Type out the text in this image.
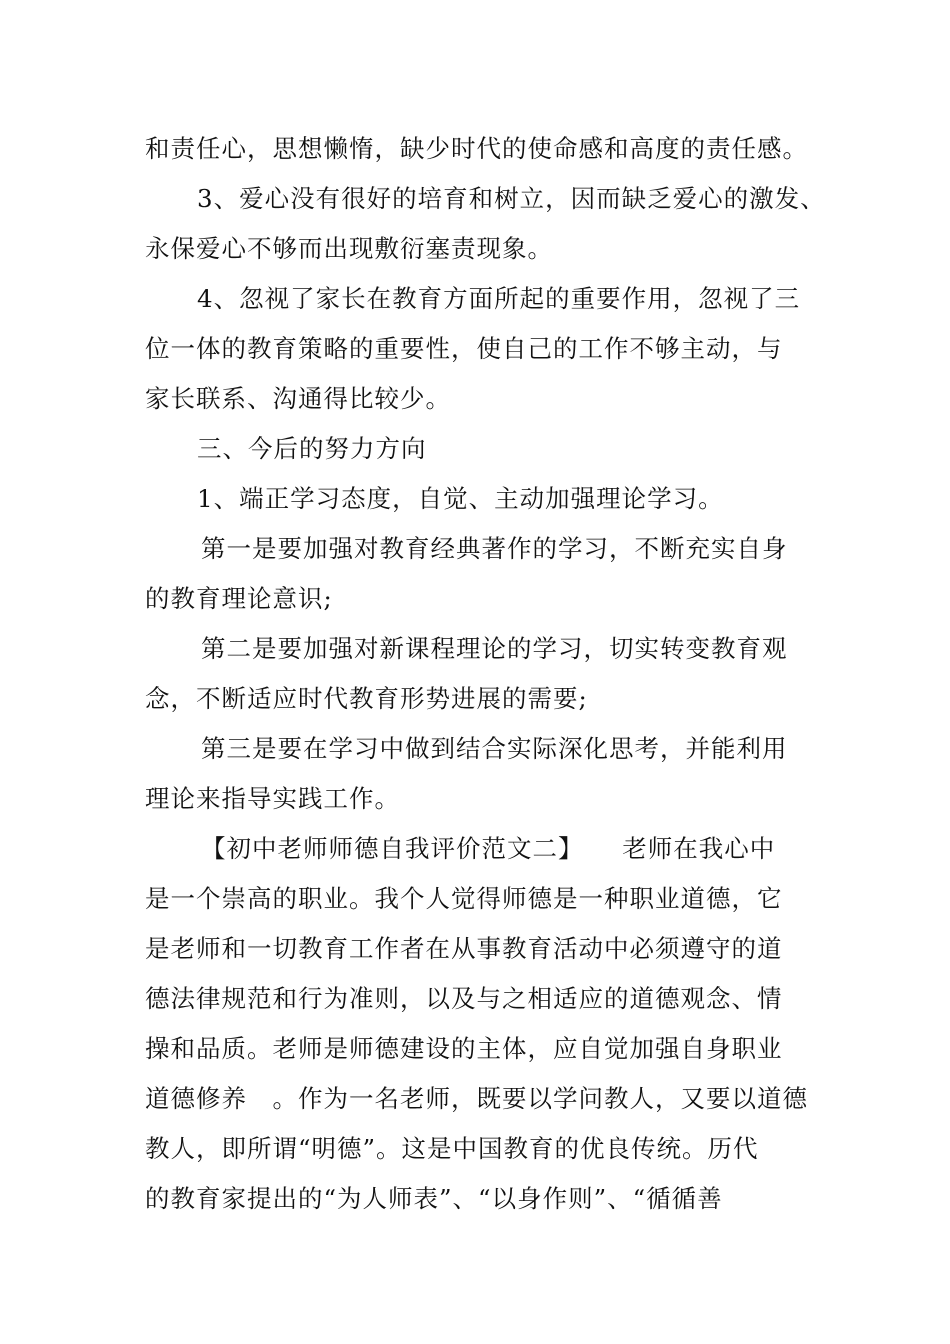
和责任心，思想懒惰，缺少时代的使命感和高度的责任感。
3、爱心没有很好的培育和树立，因而缺乏爱心的激发、
永保爱心不够而出现敷衍塞责现象。
4、忽视了家长在教育方面所起的重要作用，忽视了三
位一体的教育策略的重要性，使自己的工作不够主动，与
家长联系、沟通得比较少。
三、今后的努力方向
1、端正学习态度，自觉、主动加强理论学习。
第一是要加强对教育经典著作的学习，不断充实自身
的教育理论意识;
第二是要加强对新课程理论的学习，切实转变教育观
念，不断适应时代教育形势进展的需要;
第三是要在学习中做到结合实际深化思考，并能利用
理论来指导实践工作。
【初中老师师德自我评价范文二】　　老师在我心中
是一个崇高的职业。我个人觉得师德是一种职业道德，它
是老师和一切教育工作者在从事教育活动中必须遵守的道
德法律规范和行为准则，以及与之相适应的道德观念、情
操和品质。老师是师德建设的主体，应自觉加强自身职业
道德修养　。作为一名老师，既要以学问教人，又要以道德
教人，即所谓“明德”。这是中国教育的优良传统。历代
的教育家提出的“为人师表”、“以身作则”、“循循善
